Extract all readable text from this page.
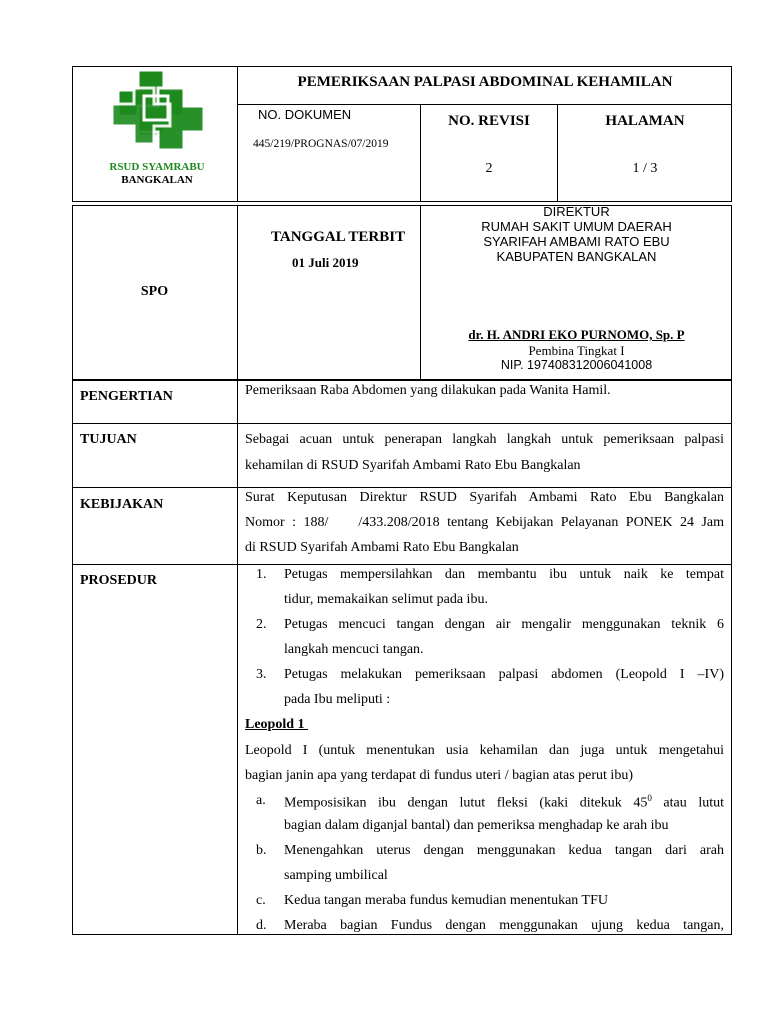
RSUD SYAMRABU
BANGKALAN
PEMERIKSAAN PALPASI ABDOMINAL KEHAMILAN
NO. DOKUMEN
445/219/PROGNAS/07/2019
NO. REVISI
2
HALAMAN
1 / 3
SPO
TANGGAL TERBIT
01 Juli 2019
DIREKTUR
RUMAH SAKIT UMUM DAERAH
SYARIFAH AMBAMI RATO EBU
KABUPATEN BANGKALAN
dr. H. ANDRI EKO PURNOMO, Sp. P
Pembina Tingkat I
NIP. 197408312006041008
PENGERTIAN	Pemeriksaan Raba Abdomen yang dilakukan pada Wanita Hamil.
TUJUAN	Sebagai acuan untuk penerapan langkah langkah untuk pemeriksaan palpasi
kehamilan di RSUD Syarifah Ambami Rato Ebu Bangkalan
KEBIJAKAN	Surat Keputusan Direktur RSUD Syarifah Ambami Rato Ebu Bangkalan
Nomor : 188/    /433.208/2018 tentang Kebijakan Pelayanan PONEK 24 Jam
di RSUD Syarifah Ambami Rato Ebu Bangkalan
PROSEDUR	1. Petugas mempersilahkan dan membantu ibu untuk naik ke tempat
tidur, memakaikan selimut pada ibu.
2. Petugas mencuci tangan dengan air mengalir menggunakan teknik 6
langkah mencuci tangan.
3. Petugas melakukan pemeriksaan palpasi abdomen (Leopold I –IV)
pada Ibu meliputi :
Leopold 1
Leopold I (untuk menentukan usia kehamilan dan juga untuk mengetahui
bagian janin apa yang terdapat di fundus uteri / bagian atas perut ibu)
a. Memposisikan ibu dengan lutut fleksi (kaki ditekuk $45^0$ atau lutut
bagian dalam diganjal bantal) dan pemeriksa menghadap ke arah ibu
b. Menengahkan uterus dengan menggunakan kedua tangan dari arah
samping umbilical
c. Kedua tangan meraba fundus kemudian menentukan TFU
d. Meraba bagian Fundus dengan menggunakan ujung kedua tangan,
